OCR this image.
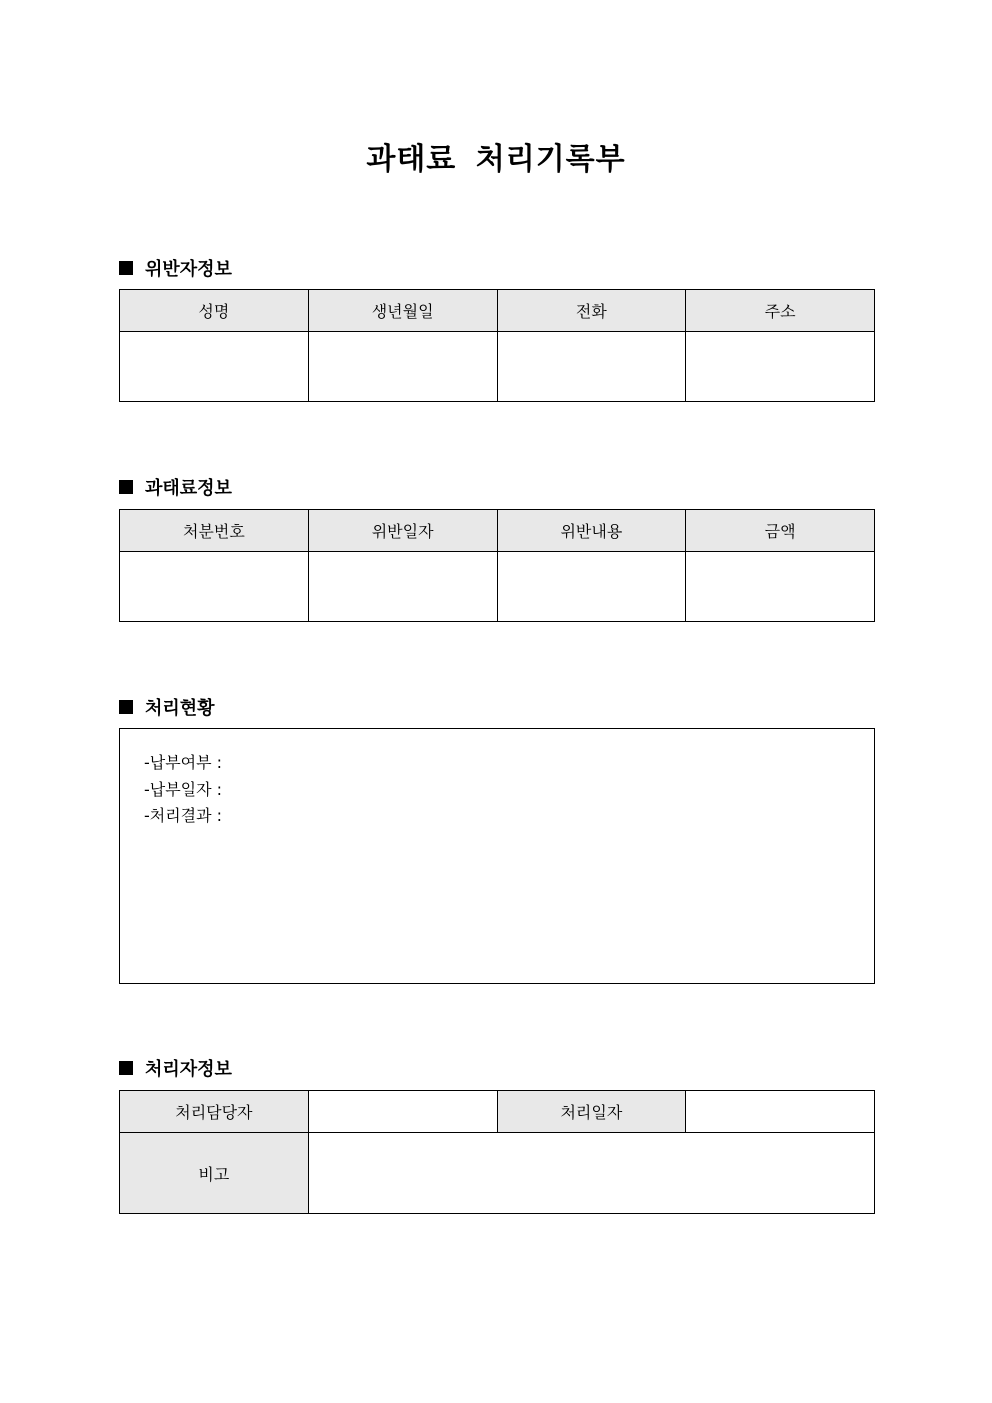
과태료 처리기록부
위반자정보
성명	생년월일	전화	주소

과태료정보
처분번호	위반일자	위반내용	금액

처리현황
-납부여부 :
-납부일자 :
-처리결과 :
처리자정보
처리담당자		처리일자	
비고			
